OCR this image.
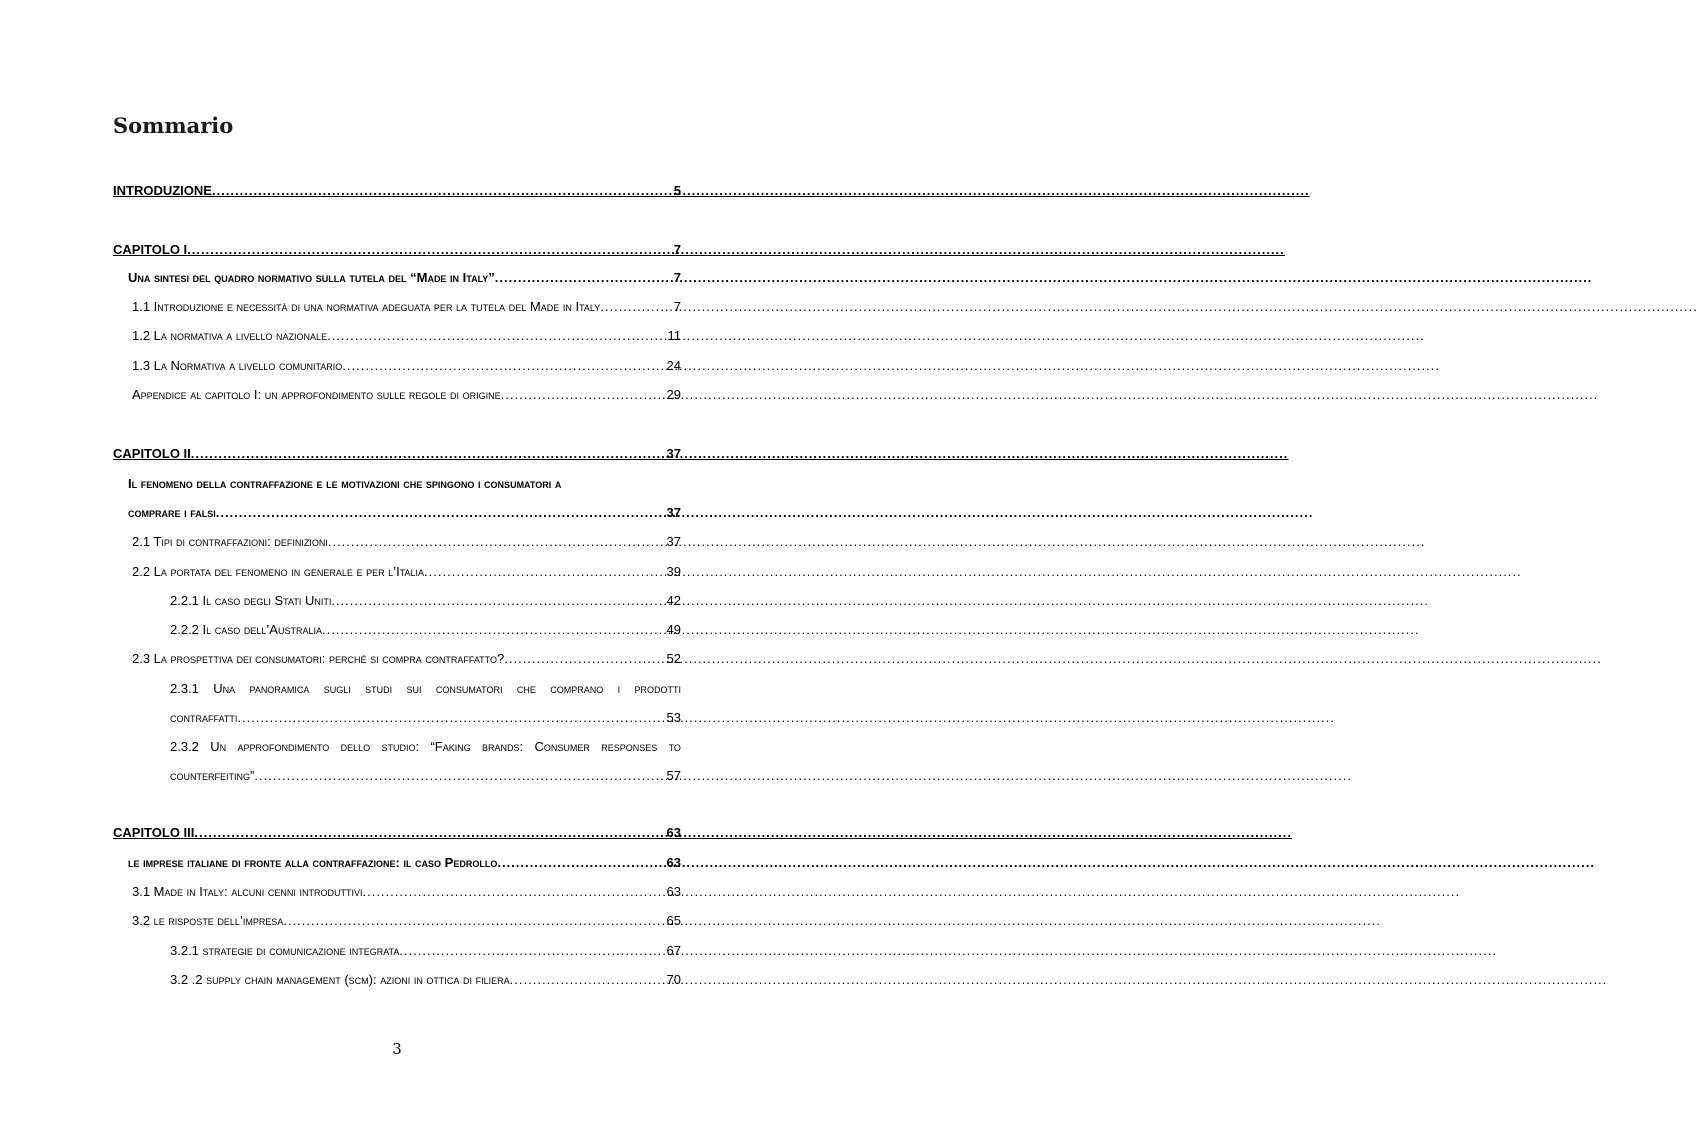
Sommario
INTRODUZIONE .....	5
CAPITOLO I .....	7
Una sintesi del quadro normativo sulla tutela del “Made in Italy” .....	7
1.1 Introduzione e necessità di una normativa adeguata per la tutela del Made in Italy .....	7
1.2 La normativa a livello nazionale .....	11
1.3 La Normativa a livello comunitario .....	24
Appendice al capitolo I: un approfondimento sulle regole di origine .....	29
CAPITOLO II .....	37
Il fenomeno della contraffazione e le motivazioni che spingono i consumatori a
comprare i falsi .....	37
2.1 Tipi di contraffazioni: definizioni .....	37
2.2 La portata del fenomeno in generale e per l’Italia .....	39
2.2.1 Il caso degli Stati Uniti .....	42
2.2.2 Il caso dell’Australia .....	49
2.3 La prospettiva dei consumatori: perché si compra contraffatto? .....	52
2.3.1 Una panoramica sugli studi sui consumatori che comprano i prodotti
contraffatti .....	53
2.3.2 Un approfondimento dello studio: “Faking brands: Consumer responses to
counterfeiting” .....	57
CAPITOLO III .....	63
le imprese italiane di fronte alla contraffazione: il caso Pedrollo .....	63
3.1 Made in Italy: alcuni cenni introduttivi .....	63
3.2 le risposte dell’impresa .....	65
3.2.1 strategie di comunicazione integrata .....	67
3.2 .2 supply chain management (scm): azioni in ottica di filiera .....	70
3
